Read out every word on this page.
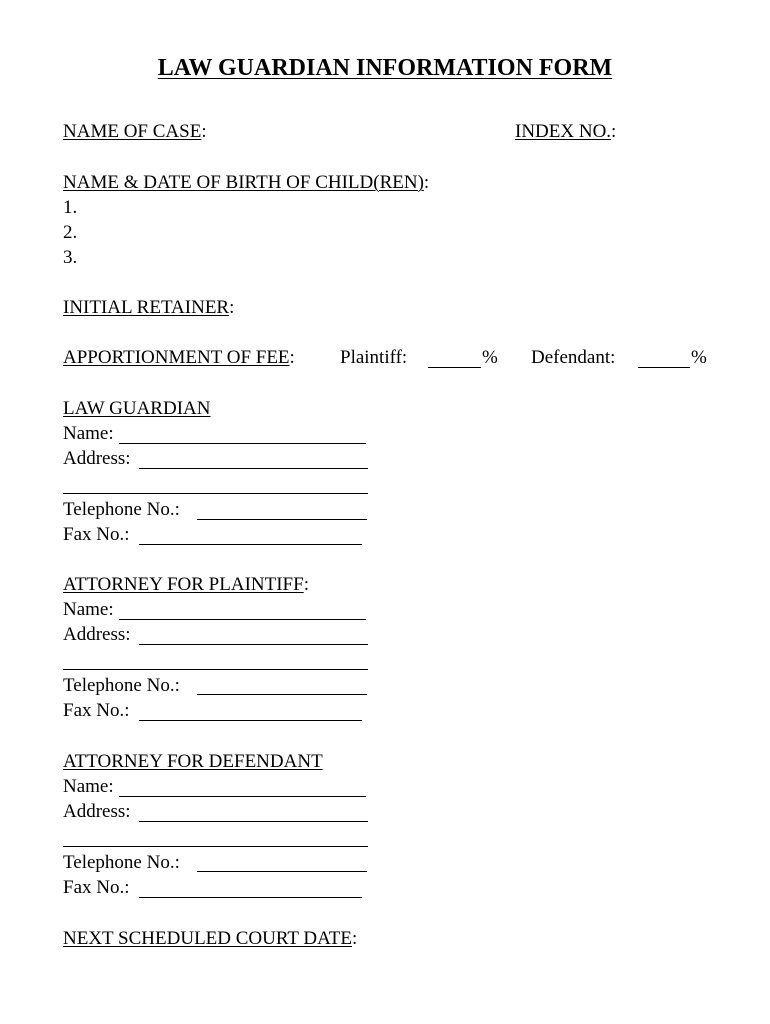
LAW GUARDIAN INFORMATION FORM
NAME OF CASE:	INDEX NO.:
NAME & DATE OF BIRTH OF CHILD(REN):
1.
2.
3.
INITIAL RETAINER:
APPORTIONMENT OF FEE: Plaintiff:	% Defendant:	%
LAW GUARDIAN
Name:
Address:
Telephone No.:
Fax No.:
ATTORNEY FOR PLAINTIFF:
Name:
Address:
Telephone No.:
Fax No.:
ATTORNEY FOR DEFENDANT
Name:
Address:
Telephone No.:
Fax No.:
NEXT SCHEDULED COURT DATE:
